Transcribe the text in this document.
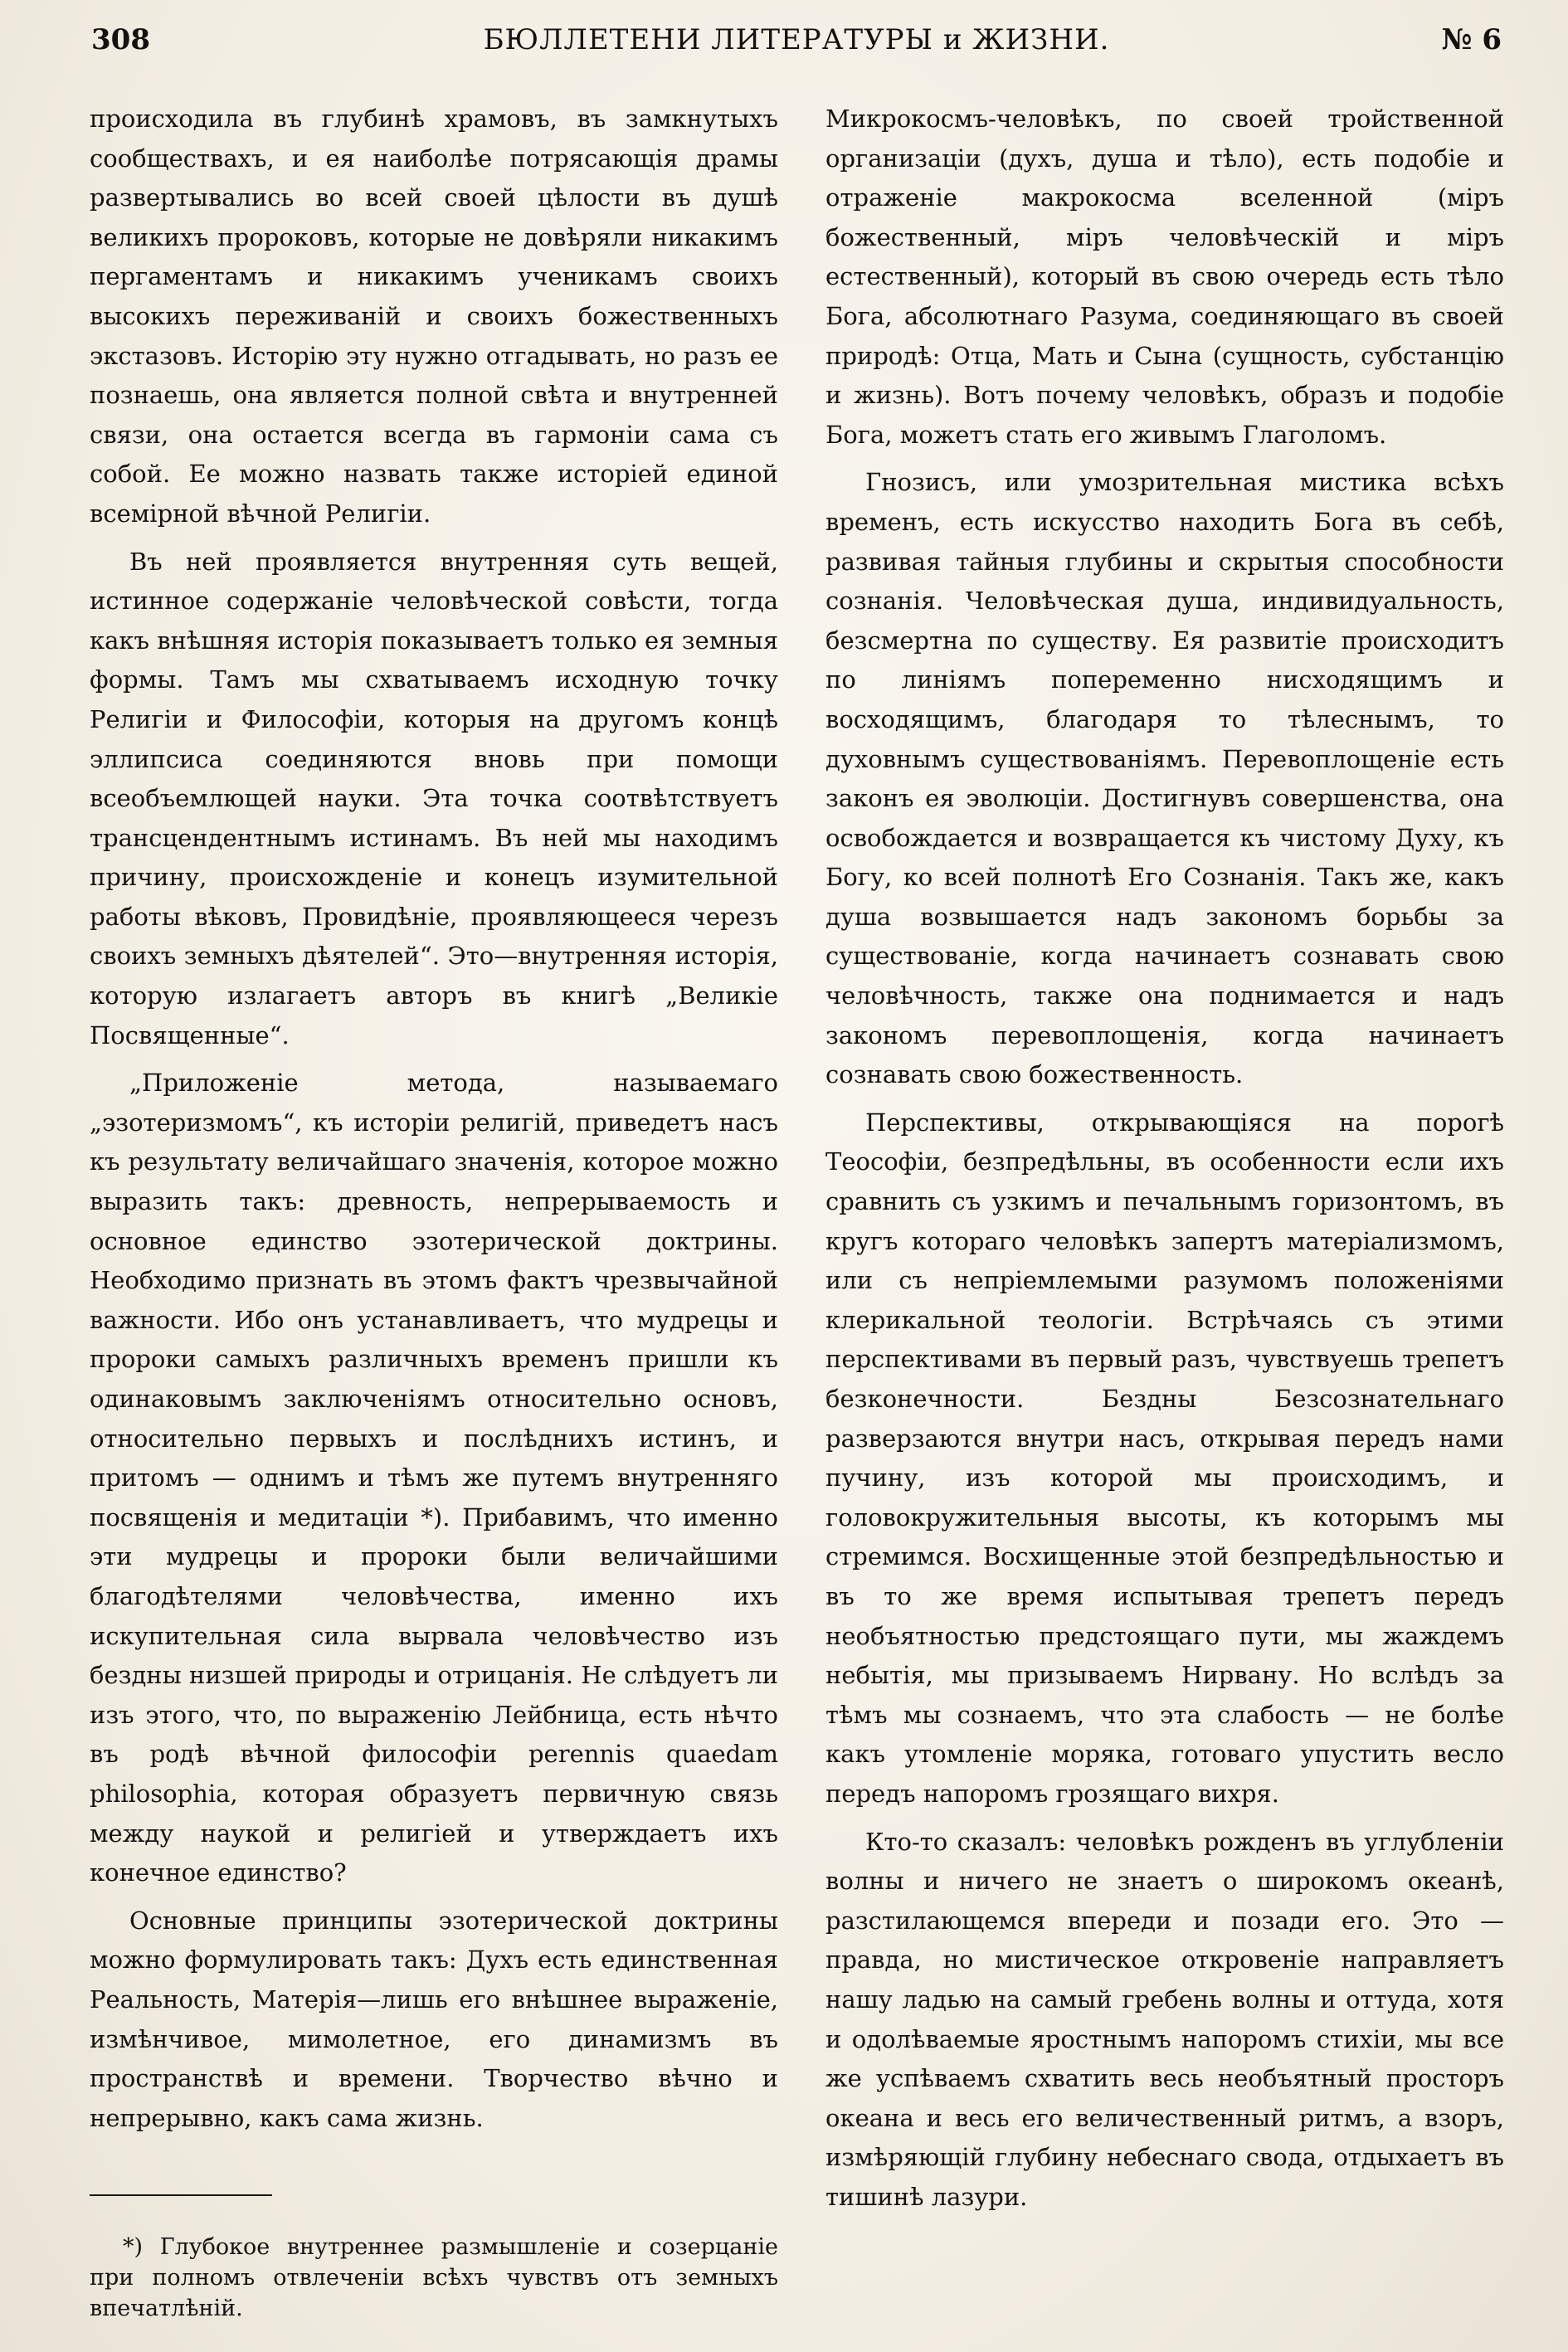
308	БЮЛЛЕТЕНИ ЛИТЕРАТУРЫ и ЖИЗНИ.	№ 6

происходила въ глубинѣ храмовъ, въ замкнутыхъ сообществахъ, и ея наиболѣе потрясающія драмы развертывались во всей своей цѣлости въ душѣ великихъ пророковъ, которые не довѣряли никакимъ пергаментамъ и никакимъ ученикамъ своихъ высокихъ переживаній и своихъ божественныхъ экстазовъ. Исторію эту нужно отгадывать, но разъ ее познаешь, она является полной свѣта и внутренней связи, она остается всегда въ гармоніи сама съ собой. Ее можно назвать также исторіей единой всемірной вѣчной Религіи.

Въ ней проявляется внутренняя суть вещей, истинное содержаніе человѣческой совѣсти, тогда какъ внѣшняя исторія показываетъ только ея земныя формы. Тамъ мы схватываемъ исходную точку Религіи и Философіи, которыя на другомъ концѣ эллипсиса соединяются вновь при помощи всеобъемлющей науки. Эта точка соотвѣтствуетъ трансцендентнымъ истинамъ. Въ ней мы находимъ причину, происхожденіе и конецъ изумительной работы вѣковъ, Провидѣніе, проявляющееся черезъ своихъ земныхъ дѣятелей“. Это—внутренняя исторія, которую излагаетъ авторъ въ книгѣ „Великіе Посвященные“.

„Приложеніе метода, называемаго „эзотеризмомъ“, къ исторіи религій, приведетъ насъ къ результату величайшаго значенія, которое можно выразить такъ: древность, непрерываемость и основное единство эзотерической доктрины. Необходимо признать въ этомъ фактъ чрезвычайной важности. Ибо онъ устанавливаетъ, что мудрецы и пророки самыхъ различныхъ временъ пришли къ одинаковымъ заключеніямъ относительно основъ, относительно первыхъ и послѣднихъ истинъ, и притомъ — однимъ и тѣмъ же путемъ внутренняго посвященія и медитаціи *). Прибавимъ, что именно эти мудрецы и пророки были величайшими благодѣтелями человѣчества, именно ихъ искупительная сила вырвала человѣчество изъ бездны низшей природы и отрицанія. Не слѣдуетъ ли изъ этого, что, по выраженію Лейбница, есть нѣчто въ родѣ вѣчной философіи perennis quaedam philosophia, которая образуетъ первичную связь между наукой и религіей и утверждаетъ ихъ конечное единство?

Основные принципы эзотерической доктрины можно формулировать такъ: Духъ есть единственная Реальность, Матерія—лишь его внѣшнее выраженіе, измѣнчивое, мимолетное, его динамизмъ въ пространствѣ и времени. Творчество вѣчно и непрерывно, какъ сама жизнь.

*) Глубокое внутреннее размышленіе и созерцаніе при полномъ отвлеченіи всѣхъ чувствъ отъ земныхъ впечатлѣній.

Микрокосмъ-человѣкъ, по своей тройственной организаціи (духъ, душа и тѣло), есть подобіе и отраженіе макрокосма вселенной (міръ божественный, міръ человѣческій и міръ естественный), который въ свою очередь есть тѣло Бога, абсолютнаго Разума, соединяющаго въ своей природѣ: Отца, Мать и Сына (сущность, субстанцію и жизнь). Вотъ почему человѣкъ, образъ и подобіе Бога, можетъ стать его живымъ Глаголомъ.

Гнозисъ, или умозрительная мистика всѣхъ временъ, есть искусство находить Бога въ себѣ, развивая тайныя глубины и скрытыя способности сознанія. Человѣческая душа, индивидуальность, безсмертна по существу. Ея развитіе происходитъ по линіямъ попеременно нисходящимъ и восходящимъ, благодаря то тѣлеснымъ, то духовнымъ существованіямъ. Перевоплощеніе есть законъ ея эволюціи. Достигнувъ совершенства, она освобождается и возвращается къ чистому Духу, къ Богу, ко всей полнотѣ Его Сознанія. Такъ же, какъ душа возвышается надъ закономъ борьбы за существованіе, когда начинаетъ сознавать свою человѣчность, также она поднимается и надъ закономъ перевоплощенія, когда начинаетъ сознавать свою божественность.

Перспективы, открывающіяся на порогѣ Теософіи, безпредѣльны, въ особенности если ихъ сравнить съ узкимъ и печальнымъ горизонтомъ, въ кругъ котораго человѣкъ запертъ матеріализмомъ, или съ непріемлемыми разумомъ положеніями клерикальной теологіи. Встрѣчаясь съ этими перспективами въ первый разъ, чувствуешь трепетъ безконечности. Бездны Безсознательнаго разверзаются внутри насъ, открывая передъ нами пучину, изъ которой мы происходимъ, и головокружительныя высоты, къ которымъ мы стремимся. Восхищенные этой безпредѣльностью и въ то же время испытывая трепетъ передъ необъятностью предстоящаго пути, мы жаждемъ небытія, мы призываемъ Нирвану. Но вслѣдъ за тѣмъ мы сознаемъ, что эта слабость — не болѣе какъ утомленіе моряка, готоваго упустить весло передъ напоромъ грозящаго вихря.

Кто-то сказалъ: человѣкъ рожденъ въ углубленіи волны и ничего не знаетъ о широкомъ океанѣ, разстилающемся впереди и позади его. Это — правда, но мистическое откровеніе направляетъ нашу ладью на самый гребень волны и оттуда, хотя и одолѣваемые яростнымъ напоромъ стихіи, мы все же успѣваемъ схватить весь необъятный просторъ океана и весь его величественный ритмъ, а взоръ, измѣряющій глубину небеснаго свода, отдыхаетъ въ тишинѣ лазури.
